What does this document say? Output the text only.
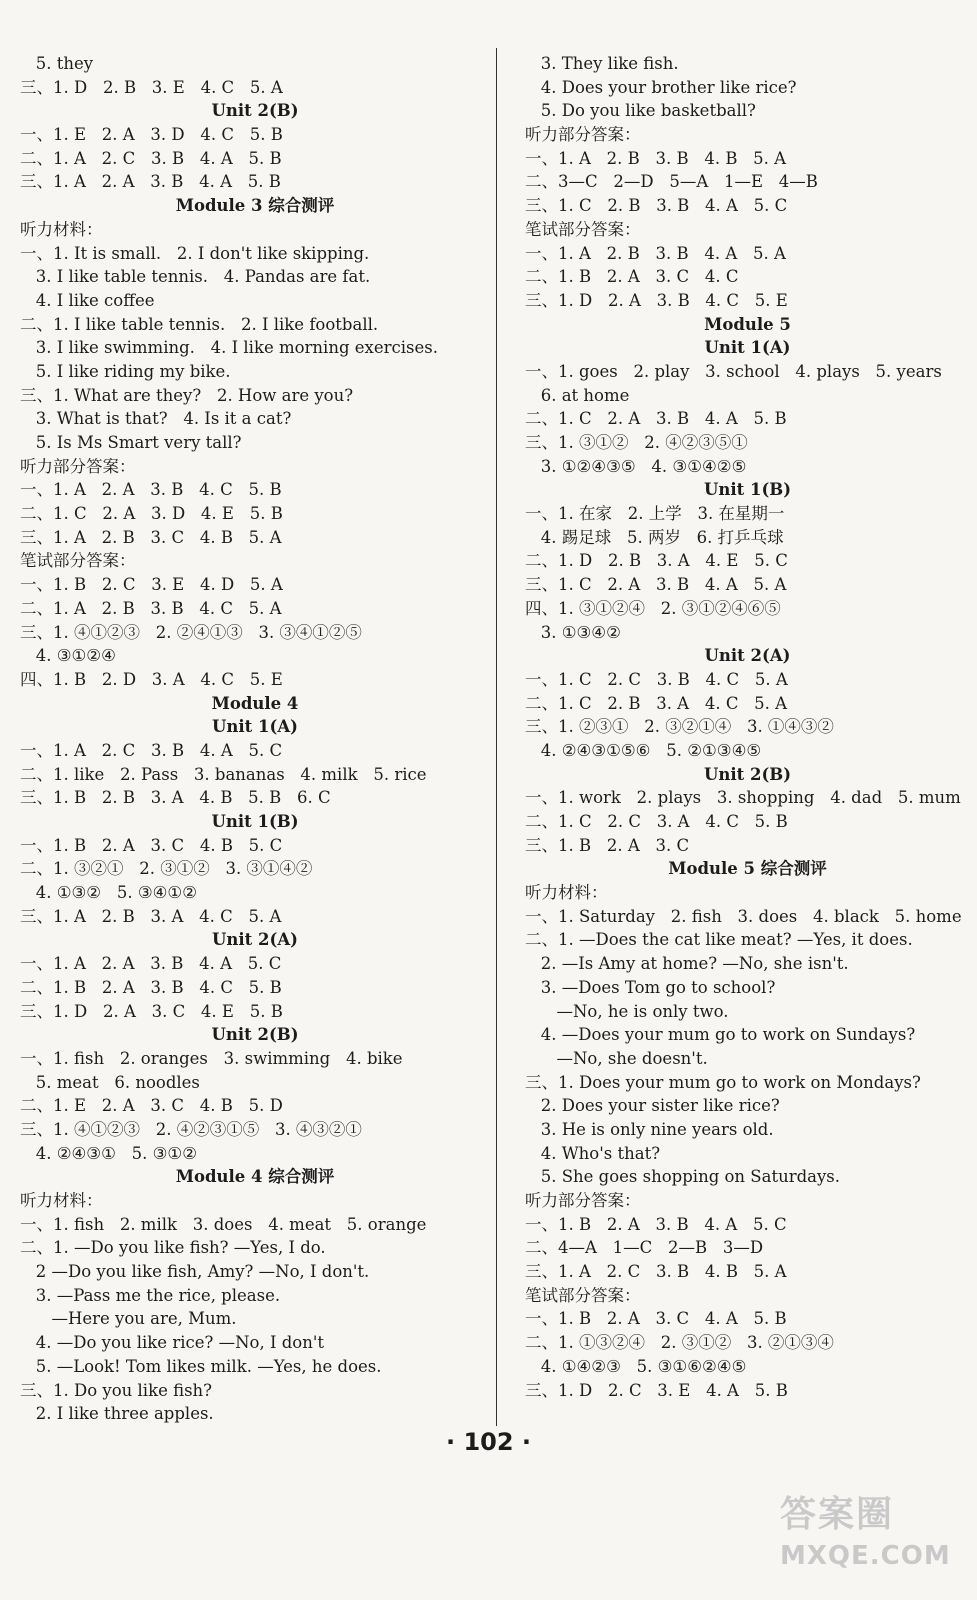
5. they
三、1. D   2. B   3. E   4. C   5. A
Unit 2(B)
一、1. E   2. A   3. D   4. C   5. B
二、1. A   2. C   3. B   4. A   5. B
三、1. A   2. A   3. B   4. A   5. B
Module 3 综合测评
听力材料：
一、1. It is small.   2. I don't like skipping.
3. I like table tennis.   4. Pandas are fat.
4. I like coffee
二、1. I like table tennis.   2. I like football.
3. I like swimming.   4. I like morning exercises.
5. I like riding my bike.
三、1. What are they?   2. How are you?
3. What is that?   4. Is it a cat?
5. Is Ms Smart very tall?
听力部分答案：
一、1. A   2. A   3. B   4. C   5. B
二、1. C   2. A   3. D   4. E   5. B
三、1. A   2. B   3. C   4. B   5. A
笔试部分答案：
一、1. B   2. C   3. E   4. D   5. A
二、1. A   2. B   3. B   4. C   5. A
三、1. ④①②③   2. ②④①③   3. ③④①②⑤
4. ③①②④
四、1. B   2. D   3. A   4. C   5. E
Module 4
Unit 1(A)
一、1. A   2. C   3. B   4. A   5. C
二、1. like   2. Pass   3. bananas   4. milk   5. rice
三、1. B   2. B   3. A   4. B   5. B   6. C
Unit 1(B)
一、1. B   2. A   3. C   4. B   5. C
二、1. ③②①   2. ③①②   3. ③①④②
4. ①③②   5. ③④①②
三、1. A   2. B   3. A   4. C   5. A
Unit 2(A)
一、1. A   2. A   3. B   4. A   5. C
二、1. B   2. A   3. B   4. C   5. B
三、1. D   2. A   3. C   4. E   5. B
Unit 2(B)
一、1. fish   2. oranges   3. swimming   4. bike
5. meat   6. noodles
二、1. E   2. A   3. C   4. B   5. D
三、1. ④①②③   2. ④②③①⑤   3. ④③②①
4. ②④③①   5. ③①②
Module 4 综合测评
听力材料：
一、1. fish   2. milk   3. does   4. meat   5. orange
二、1. —Do you like fish? —Yes, I do.
2 —Do you like fish, Amy? —No, I don't.
3. —Pass me the rice, please.
—Here you are, Mum.
4. —Do you like rice? —No, I don't
5. —Look! Tom likes milk. —Yes, he does.
三、1. Do you like fish?
2. I like three apples.
3. They like fish.
4. Does your brother like rice?
5. Do you like basketball?
听力部分答案：
一、1. A   2. B   3. B   4. B   5. A
二、3—C   2—D   5—A   1—E   4—B
三、1. C   2. B   3. B   4. A   5. C
笔试部分答案：
一、1. A   2. B   3. B   4. A   5. A
二、1. B   2. A   3. C   4. C
三、1. D   2. A   3. B   4. C   5. E
Module 5
Unit 1(A)
一、1. goes   2. play   3. school   4. plays   5. years
6. at home
二、1. C   2. A   3. B   4. A   5. B
三、1. ③①②   2. ④②③⑤①
3. ①②④③⑤   4. ③①④②⑤
Unit 1(B)
一、1. 在家   2. 上学   3. 在星期一
4. 踢足球   5. 两岁   6. 打乒乓球
二、1. D   2. B   3. A   4. E   5. C
三、1. C   2. A   3. B   4. A   5. A
四、1. ③①②④   2. ③①②④⑥⑤
3. ①③④②
Unit 2(A)
一、1. C   2. C   3. B   4. C   5. A
二、1. C   2. B   3. A   4. C   5. A
三、1. ②③①   2. ③②①④   3. ①④③②
4. ②④③①⑤⑥   5. ②①③④⑤
Unit 2(B)
一、1. work   2. plays   3. shopping   4. dad   5. mum
二、1. C   2. C   3. A   4. C   5. B
三、1. B   2. A   3. C
Module 5 综合测评
听力材料：
一、1. Saturday   2. fish   3. does   4. black   5. home
二、1. —Does the cat like meat? —Yes, it does.
2. —Is Amy at home? —No, she isn't.
3. —Does Tom go to school?
—No, he is only two.
4. —Does your mum go to work on Sundays?
—No, she doesn't.
三、1. Does your mum go to work on Mondays?
2. Does your sister like rice?
3. He is only nine years old.
4. Who's that?
5. She goes shopping on Saturdays.
听力部分答案：
一、1. B   2. A   3. B   4. A   5. C
二、4—A   1—C   2—B   3—D
三、1. A   2. C   3. B   4. B   5. A
笔试部分答案：
一、1. B   2. A   3. C   4. A   5. B
二、1. ①③②④   2. ③①②   3. ②①③④
4. ①④②③   5. ③①⑥②④⑤
三、1. D   2. C   3. E   4. A   5. B
· 102 ·
答案圈
MXQE.COM
